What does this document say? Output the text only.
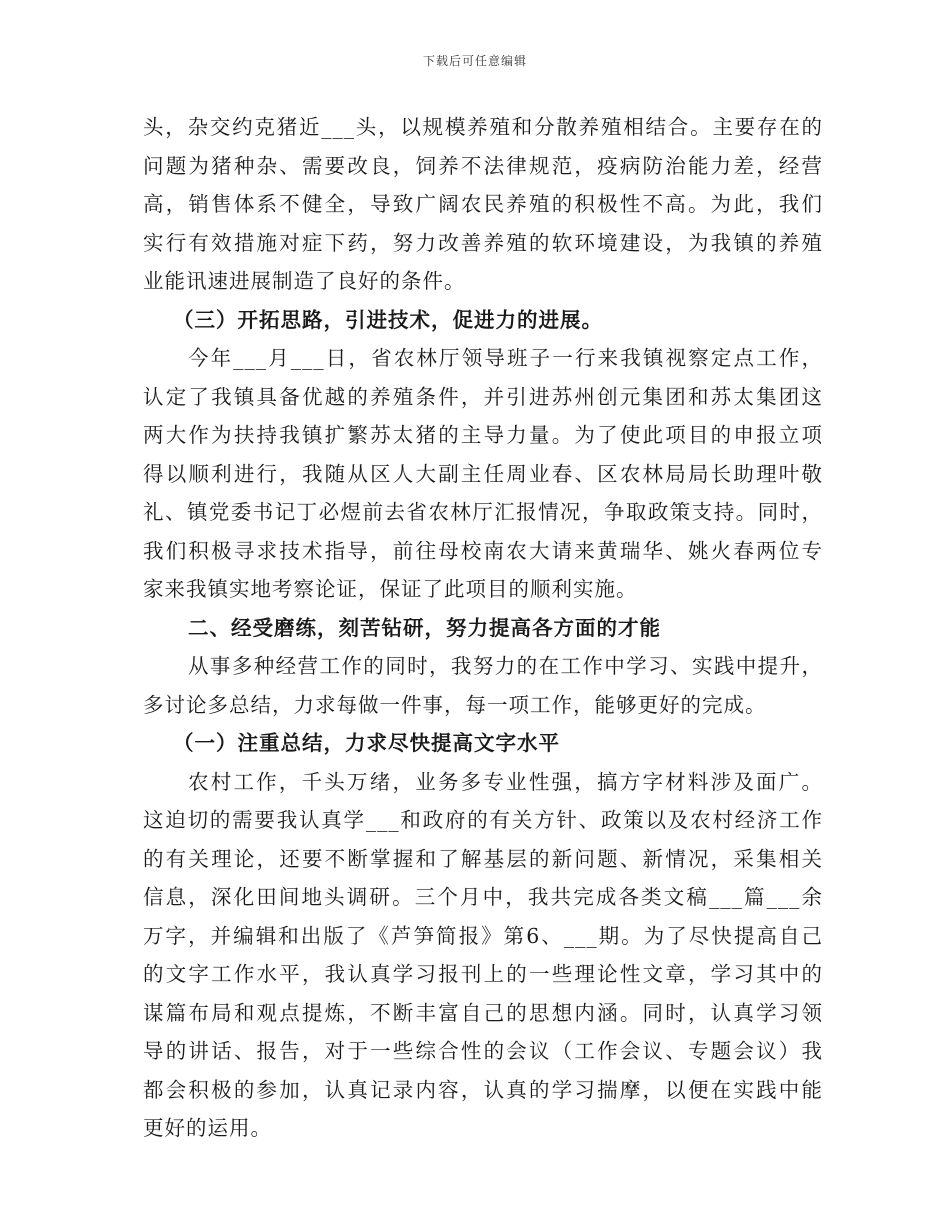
下载后可任意编辑
头，杂交约克猪近___头，以规模养殖和分散养殖相结合。主要存在的
问题为猪种杂、需要改良，饲养不法律规范，疫病防治能力差，经营
高，销售体系不健全，导致广阔农民养殖的积极性不高。为此，我们
实行有效措施对症下药，努力改善养殖的软环境建设，为我镇的养殖
业能讯速进展制造了良好的条件。
（三）开拓思路，引进技术，促进力的进展。
今年___月___日，省农林厅领导班子一行来我镇视察定点工作，
认定了我镇具备优越的养殖条件，并引进苏州创元集团和苏太集团这
两大作为扶持我镇扩繁苏太猪的主导力量。为了使此项目的申报立项
得以顺利进行，我随从区人大副主任周业春、区农林局局长助理叶敬
礼、镇党委书记丁必煜前去省农林厅汇报情况，争取政策支持。同时，
我们积极寻求技术指导，前往母校南农大请来黄瑞华、姚火春两位专
家来我镇实地考察论证，保证了此项目的顺利实施。
二、经受磨练，刻苦钻研，努力提高各方面的才能
从事多种经营工作的同时，我努力的在工作中学习、实践中提升，
多讨论多总结，力求每做一件事，每一项工作，能够更好的完成。
（一）注重总结，力求尽快提高文字水平
农村工作，千头万绪，业务多专业性强，搞方字材料涉及面广。
这迫切的需要我认真学___和政府的有关方针、政策以及农村经济工作
的有关理论，还要不断掌握和了解基层的新问题、新情况，采集相关
信息，深化田间地头调研。三个月中，我共完成各类文稿___篇___余
万字，并编辑和出版了《芦笋简报》第6、___期。为了尽快提高自己
的文字工作水平，我认真学习报刊上的一些理论性文章，学习其中的
谋篇布局和观点提炼，不断丰富自己的思想内涵。同时，认真学习领
导的讲话、报告，对于一些综合性的会议（工作会议、专题会议）我
都会积极的参加，认真记录内容，认真的学习揣摩，以便在实践中能
更好的运用。
